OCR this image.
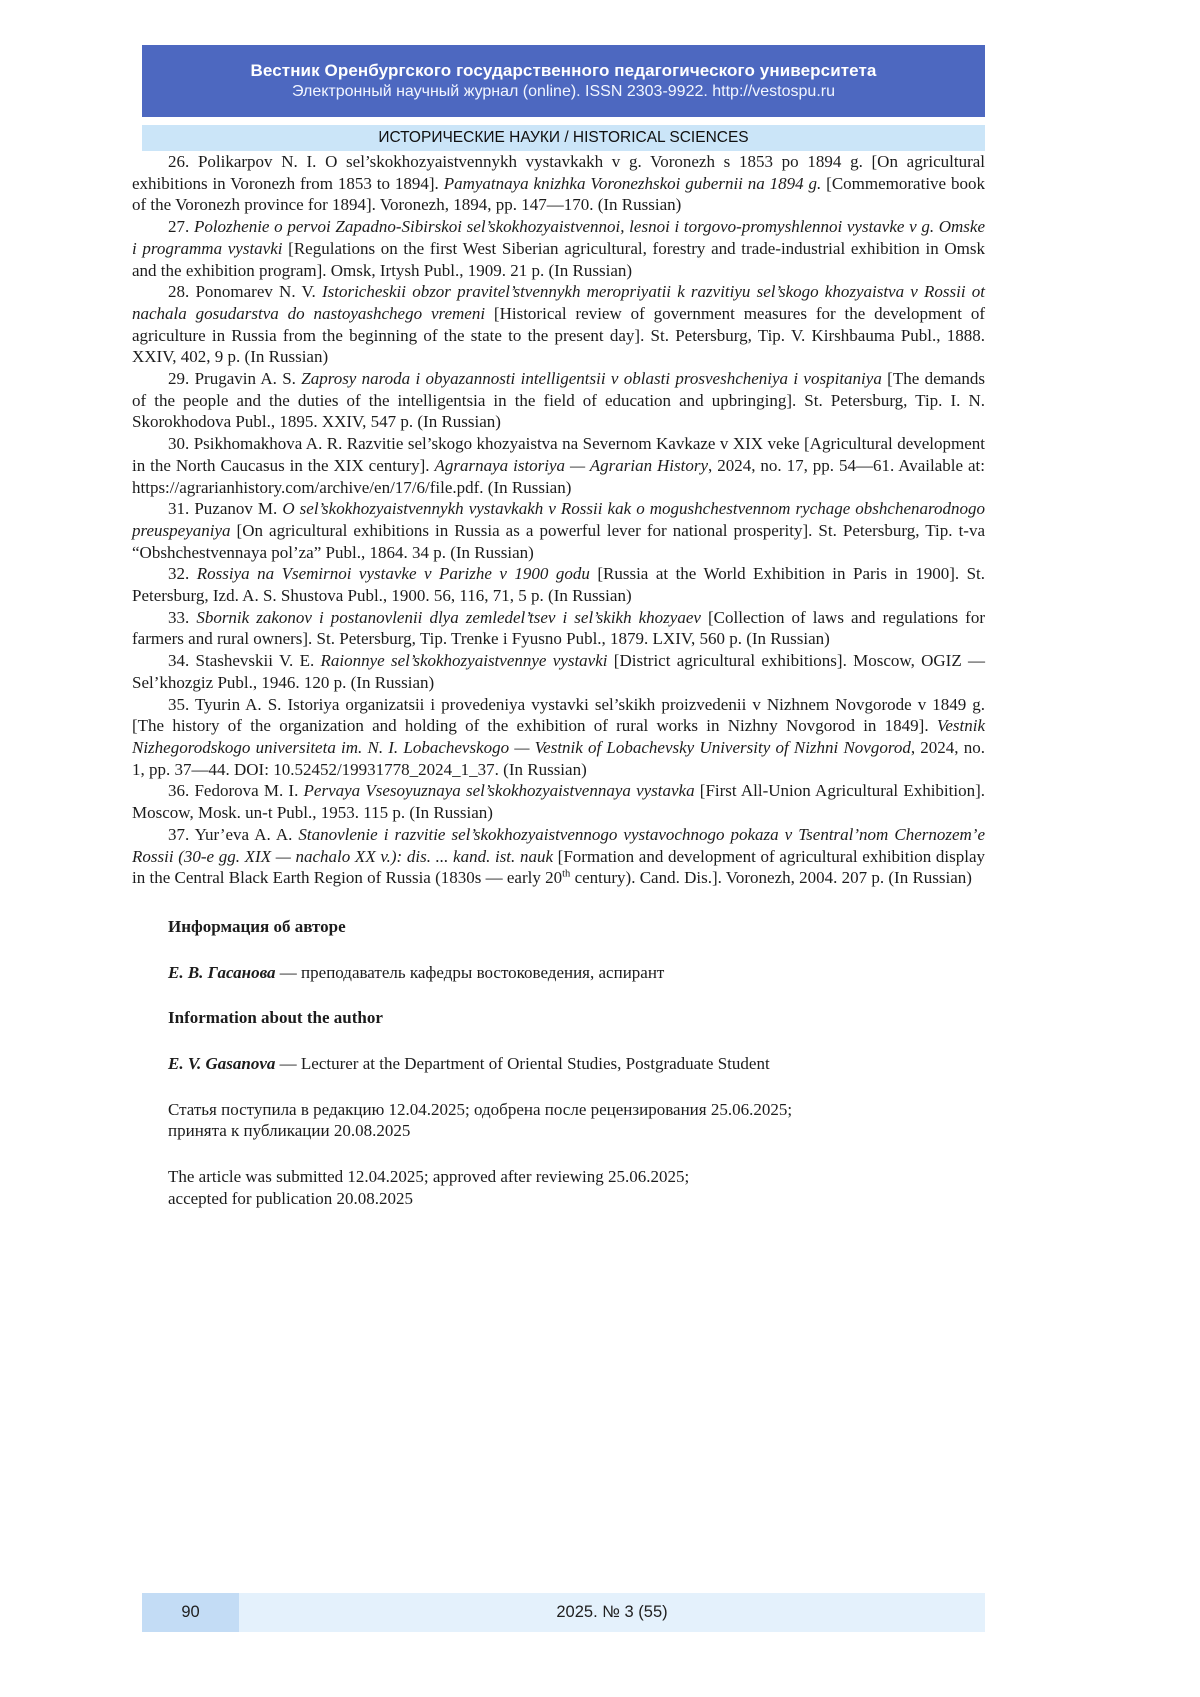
Вестник Оренбургского государственного педагогического университета
Электронный научный журнал (online). ISSN 2303-9922. http://vestospu.ru
ИСТОРИЧЕСКИЕ НАУКИ / HISTORICAL SCIENCES

26. Polikarpov N. I. O sel’skokhozyaistvennykh vystavkakh v g. Voronezh s 1853 po 1894 g. [On agricultural exhibitions in Voronezh from 1853 to 1894]. Pamyatnaya knizhka Voronezhskoi gubernii na 1894 g. [Commemorative book of the Voronezh province for 1894]. Voronezh, 1894, pp. 147—170. (In Russian)

27. Polozhenie o pervoi Zapadno-Sibirskoi sel’skokhozyaistvennoi, lesnoi i torgovo-promyshlennoi vystavke v g. Omske i programma vystavki [Regulations on the first West Siberian agricultural, forestry and trade-industrial exhibition in Omsk and the exhibition program]. Omsk, Irtysh Publ., 1909. 21 p. (In Russian)

28. Ponomarev N. V. Istoricheskii obzor pravitel’stvennykh meropriyatii k razvitiyu sel’skogo khozyaistva v Rossii ot nachala gosudarstva do nastoyashchego vremeni [Historical review of government measures for the development of agriculture in Russia from the beginning of the state to the present day]. St. Petersburg, Tip. V. Kirshbauma Publ., 1888. XXIV, 402, 9 p. (In Russian)

29. Prugavin A. S. Zaprosy naroda i obyazannosti intelligentsii v oblasti prosveshcheniya i vospitaniya [The demands of the people and the duties of the intelligentsia in the field of education and upbringing]. St. Petersburg, Tip. I. N. Skorokhodova Publ., 1895. XXIV, 547 p. (In Russian)

30. Psikhomakhova A. R. Razvitie sel’skogo khozyaistva na Severnom Kavkaze v XIX veke [Agricultural development in the North Caucasus in the XIX century]. Agrarnaya istoriya — Agrarian History, 2024, no. 17, pp. 54—61. Available at: https://agrarianhistory.com/archive/en/17/6/file.pdf. (In Russian)

31. Puzanov M. O sel’skokhozyaistvennykh vystavkakh v Rossii kak o mogushchestvennom rychage obshchenarodnogo preuspeyaniya [On agricultural exhibitions in Russia as a powerful lever for national prosperity]. St. Petersburg, Tip. t-va “Obshchestvennaya pol’za” Publ., 1864. 34 p. (In Russian)

32. Rossiya na Vsemirnoi vystavke v Parizhe v 1900 godu [Russia at the World Exhibition in Paris in 1900]. St. Petersburg, Izd. A. S. Shustova Publ., 1900. 56, 116, 71, 5 p. (In Russian)

33. Sbornik zakonov i postanovlenii dlya zemledel’tsev i sel’skikh khozyaev [Collection of laws and regulations for farmers and rural owners]. St. Petersburg, Tip. Trenke i Fyusno Publ., 1879. LXIV, 560 p. (In Russian)

34. Stashevskii V. E. Raionnye sel’skokhozyaistvennye vystavki [District agricultural exhibitions]. Moscow, OGIZ — Sel’khozgiz Publ., 1946. 120 p. (In Russian)

35. Tyurin A. S. Istoriya organizatsii i provedeniya vystavki sel’skikh proizvedenii v Nizhnem Novgorode v 1849 g. [The history of the organization and holding of the exhibition of rural works in Nizhny Novgorod in 1849]. Vestnik Nizhegorodskogo universiteta im. N. I. Lobachevskogo — Vestnik of Lobachevsky University of Nizhni Novgorod, 2024, no. 1, pp. 37—44. DOI: 10.52452/19931778_2024_1_37. (In Russian)

36. Fedorova M. I. Pervaya Vsesoyuznaya sel’skokhozyaistvennaya vystavka [First All-Union Agricultural Exhibition]. Moscow, Mosk. un-t Publ., 1953. 115 p. (In Russian)

37. Yur’eva A. A. Stanovlenie i razvitie sel’skokhozyaistvennogo vystavochnogo pokaza v Tsentral’nom Chernozem’e Rossii (30-e gg. XIX — nachalo XX v.): dis. ... kand. ist. nauk [Formation and development of agricultural exhibition display in the Central Black Earth Region of Russia (1830s — early 20th century). Cand. Dis.]. Voronezh, 2004. 207 p. (In Russian)

Информация об авторе

Е. В. Гасанова — преподаватель кафедры востоковедения, аспирант

Information about the author

E. V. Gasanova — Lecturer at the Department of Oriental Studies, Postgraduate Student

Статья поступила в редакцию 12.04.2025; одобрена после рецензирования 25.06.2025;
принята к публикации 20.08.2025

The article was submitted 12.04.2025; approved after reviewing 25.06.2025;
accepted for publication 20.08.2025

90	2025. № 3 (55)
